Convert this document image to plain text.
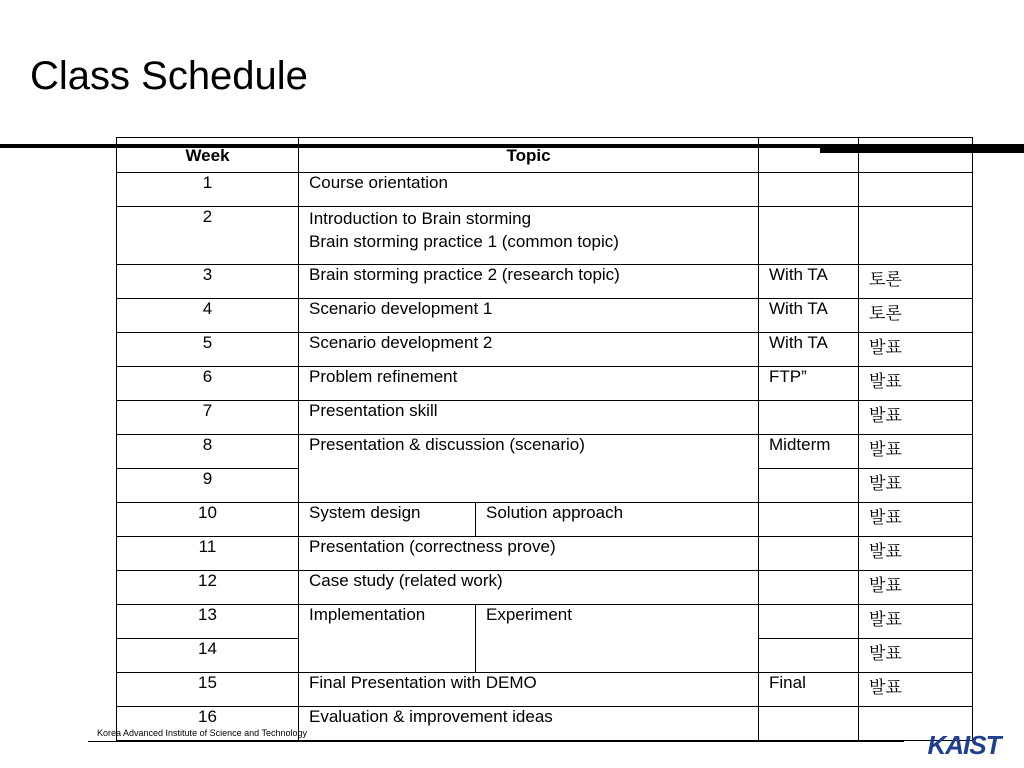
Class Schedule
Week	Topic			
1	Course orientation			
2	Introduction to Brain storming
Brain storming practice 1 (common topic)			

3	Brain storming practice 2 (research topic)		With TA	토론
4	Scenario development 1		With TA	토론
5	Scenario development 2		With TA	발표
6	Problem refinement		FTP”	발표
7	Presentation skill			발표
8	Presentation & discussion (scenario)		Midterm	발표
9				발표
10	System design	Solution approach		발표
11	Presentation (correctness prove)			발표
12	Case study (related work)			발표
13	Implementation	Experiment		발표
14				발표
15	Final Presentation with DEMO		Final	발표
16	Evaluation & improvement ideas			
Korea Advanced Institute of Science and Technology	KAIST
